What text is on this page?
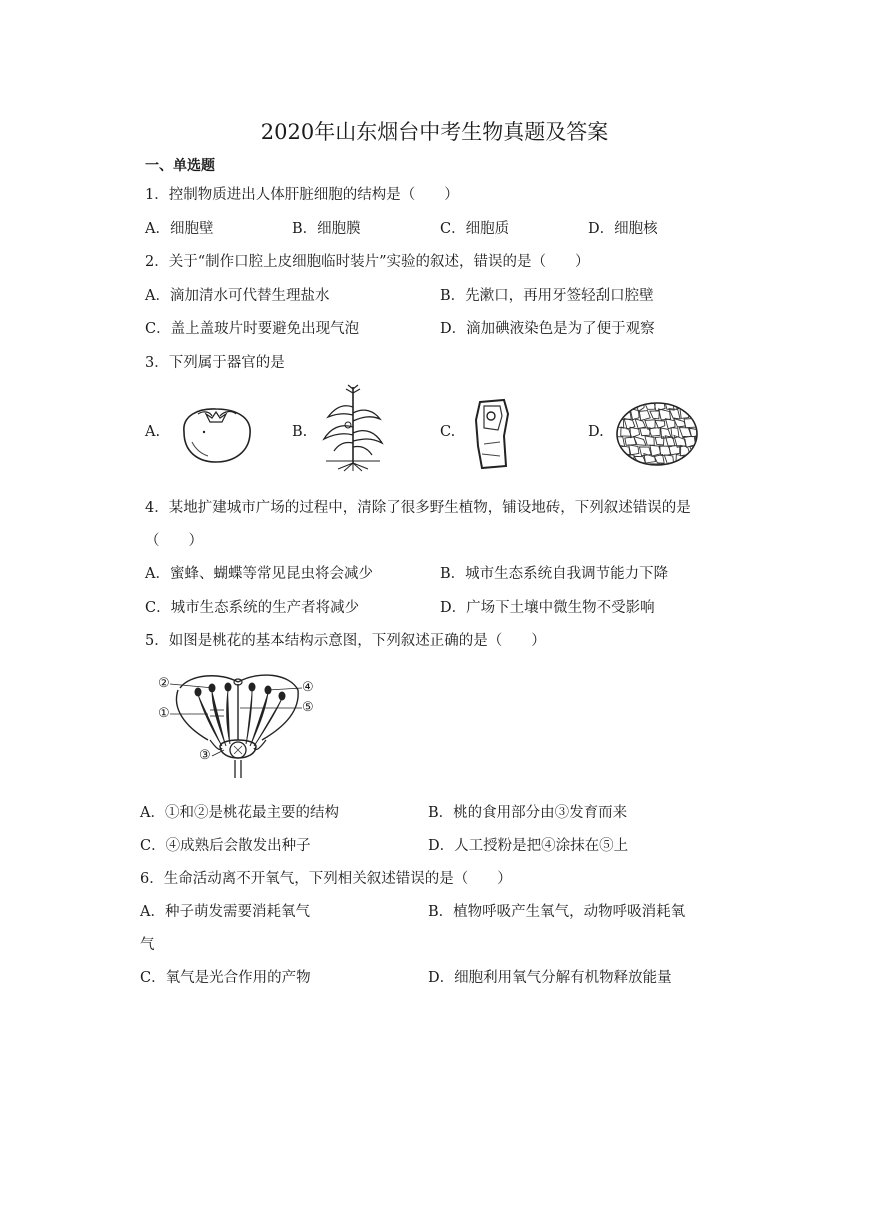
2020年山东烟台中考生物真题及答案
一、单选题
1．控制物质进出人体肝脏细胞的结构是（　　）
A．细胞壁	B．细胞膜	C．细胞质	D．细胞核
2．关于“制作口腔上皮细胞临时装片”实验的叙述，错误的是（　　）
A．滴加清水可代替生理盐水	B．先漱口，再用牙签轻刮口腔壁
C．盖上盖玻片时要避免出现气泡	D．滴加碘液染色是为了便于观察
3．下列属于器官的是
A.	B.	C.	D.
4．某地扩建城市广场的过程中，清除了很多野生植物，铺设地砖，下列叙述错误的是
（　　）
A．蜜蜂、蝴蝶等常见昆虫将会减少	B．城市生态系统自我调节能力下降
C．城市生态系统的生产者将减少	D．广场下土壤中微生物不受影响
5．如图是桃花的基本结构示意图，下列叙述正确的是（　　）
②
①
③
④
⑤
A．①和②是桃花最主要的结构	B．桃的食用部分由③发育而来
C．④成熟后会散发出种子	D．人工授粉是把④涂抹在⑤上
6．生命活动离不开氧气，下列相关叙述错误的是（　　）
A．种子萌发需要消耗氧气	B．植物呼吸产生氧气，动物呼吸消耗氧
气
C．氧气是光合作用的产物	D．细胞利用氧气分解有机物释放能量
